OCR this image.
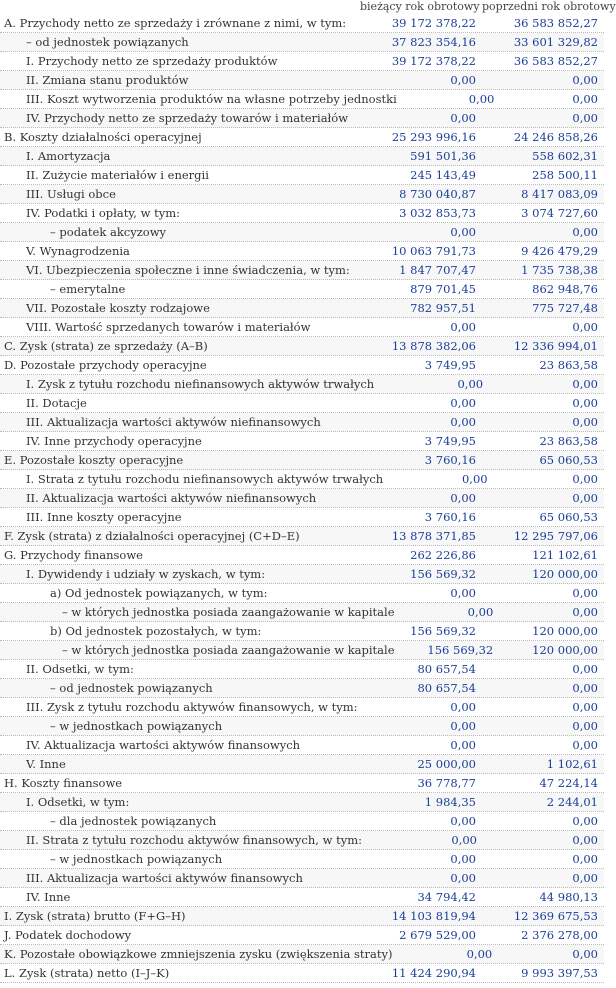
bieżący rok obrotowy poprzedni rok obrotowy
A. Przychody netto ze sprzedaży i zrównane z nimi, w tym:	39 172 378,22	36 583 852,27
– od jednostek powiązanych	37 823 354,16	33 601 329,82
I. Przychody netto ze sprzedaży produktów	39 172 378,22	36 583 852,27
II. Zmiana stanu produktów	0,00	0,00
III. Koszt wytworzenia produktów na własne potrzeby jednostki	0,00	0,00
IV. Przychody netto ze sprzedaży towarów i materiałów	0,00	0,00
B. Koszty działalności operacyjnej	25 293 996,16	24 246 858,26
I. Amortyzacja	591 501,36	558 602,31
II. Zużycie materiałów i energii	245 143,49	258 500,11
III. Usługi obce	8 730 040,87	8 417 083,09
IV. Podatki i opłaty, w tym:	3 032 853,73	3 074 727,60
– podatek akcyzowy	0,00	0,00
V. Wynagrodzenia	10 063 791,73	9 426 479,29
VI. Ubezpieczenia społeczne i inne świadczenia, w tym:	1 847 707,47	1 735 738,38
– emerytalne	879 701,45	862 948,76
VII. Pozostałe koszty rodzajowe	782 957,51	775 727,48
VIII. Wartość sprzedanych towarów i materiałów	0,00	0,00
C. Zysk (strata) ze sprzedaży (A–B)	13 878 382,06	12 336 994,01
D. Pozostałe przychody operacyjne	3 749,95	23 863,58
I. Zysk z tytułu rozchodu niefinansowych aktywów trwałych	0,00	0,00
II. Dotacje	0,00	0,00
III. Aktualizacja wartości aktywów niefinansowych	0,00	0,00
IV. Inne przychody operacyjne	3 749,95	23 863,58
E. Pozostałe koszty operacyjne	3 760,16	65 060,53
I. Strata z tytułu rozchodu niefinansowych aktywów trwałych	0,00	0,00
II. Aktualizacja wartości aktywów niefinansowych	0,00	0,00
III. Inne koszty operacyjne	3 760,16	65 060,53
F. Zysk (strata) z działalności operacyjnej (C+D–E)	13 878 371,85	12 295 797,06
G. Przychody finansowe	262 226,86	121 102,61
I. Dywidendy i udziały w zyskach, w tym:	156 569,32	120 000,00
a) Od jednostek powiązanych, w tym:	0,00	0,00
– w których jednostka posiada zaangażowanie w kapitale	0,00	0,00
b) Od jednostek pozostałych, w tym:	156 569,32	120 000,00
– w których jednostka posiada zaangażowanie w kapitale	156 569,32	120 000,00
II. Odsetki, w tym:	80 657,54	0,00
– od jednostek powiązanych	80 657,54	0,00
III. Zysk z tytułu rozchodu aktywów finansowych, w tym:	0,00	0,00
– w jednostkach powiązanych	0,00	0,00
IV. Aktualizacja wartości aktywów finansowych	0,00	0,00
V. Inne	25 000,00	1 102,61
H. Koszty finansowe	36 778,77	47 224,14
I. Odsetki, w tym:	1 984,35	2 244,01
– dla jednostek powiązanych	0,00	0,00
II. Strata z tytułu rozchodu aktywów finansowych, w tym:	0,00	0,00
– w jednostkach powiązanych	0,00	0,00
III. Aktualizacja wartości aktywów finansowych	0,00	0,00
IV. Inne	34 794,42	44 980,13
I. Zysk (strata) brutto (F+G–H)	14 103 819,94	12 369 675,53
J. Podatek dochodowy	2 679 529,00	2 376 278,00
K. Pozostałe obowiązkowe zmniejszenia zysku (zwiększenia straty)	0,00	0,00
L. Zysk (strata) netto (I–J–K)	11 424 290,94	9 993 397,53
